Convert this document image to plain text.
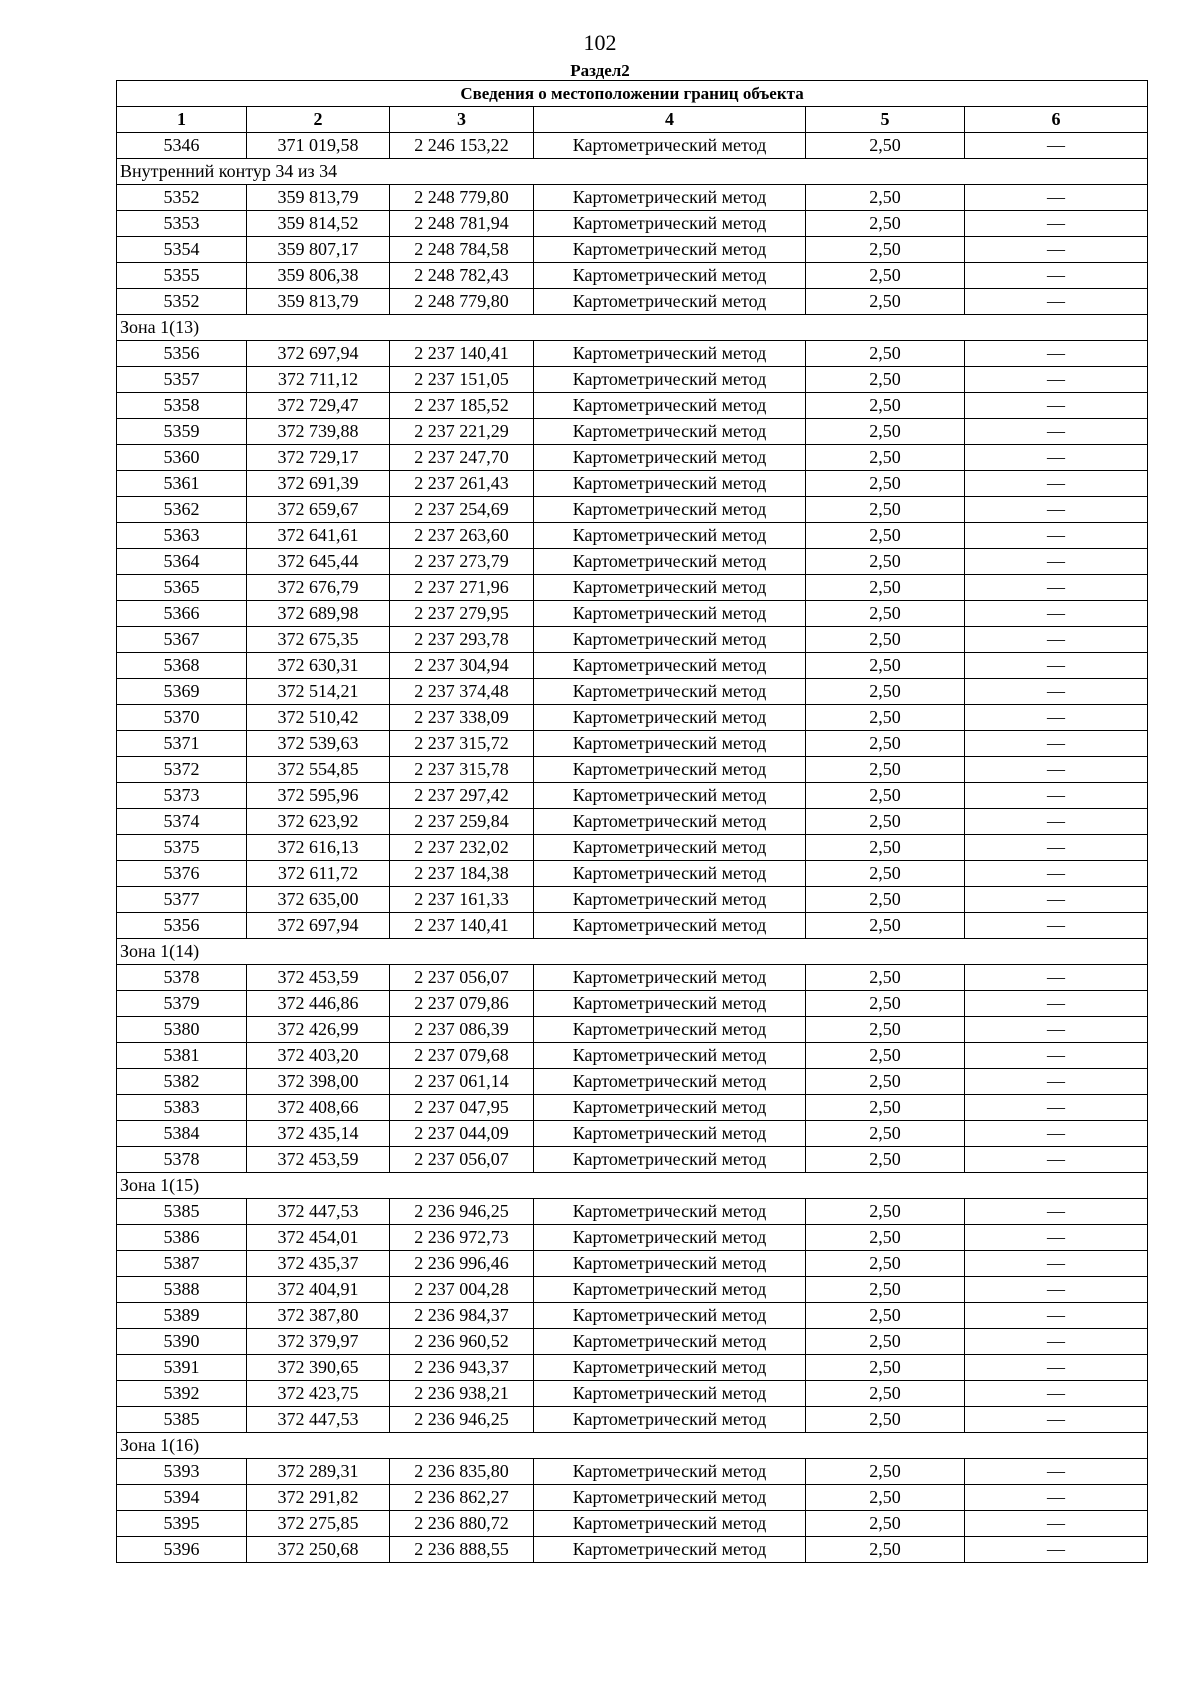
102
Раздел2
Сведения о местоположении границ объекта					
1	2	3	4	5	6
5346	371 019,58	2 246 153,22	Картометрический метод	2,50	—
Внутренний контур 34 из 34					
5352	359 813,79	2 248 779,80	Картометрический метод	2,50	—
5353	359 814,52	2 248 781,94	Картометрический метод	2,50	—
5354	359 807,17	2 248 784,58	Картометрический метод	2,50	—
5355	359 806,38	2 248 782,43	Картометрический метод	2,50	—
5352	359 813,79	2 248 779,80	Картометрический метод	2,50	—
Зона 1(13)					
5356	372 697,94	2 237 140,41	Картометрический метод	2,50	—
5357	372 711,12	2 237 151,05	Картометрический метод	2,50	—
5358	372 729,47	2 237 185,52	Картометрический метод	2,50	—
5359	372 739,88	2 237 221,29	Картометрический метод	2,50	—
5360	372 729,17	2 237 247,70	Картометрический метод	2,50	—
5361	372 691,39	2 237 261,43	Картометрический метод	2,50	—
5362	372 659,67	2 237 254,69	Картометрический метод	2,50	—
5363	372 641,61	2 237 263,60	Картометрический метод	2,50	—
5364	372 645,44	2 237 273,79	Картометрический метод	2,50	—
5365	372 676,79	2 237 271,96	Картометрический метод	2,50	—
5366	372 689,98	2 237 279,95	Картометрический метод	2,50	—
5367	372 675,35	2 237 293,78	Картометрический метод	2,50	—
5368	372 630,31	2 237 304,94	Картометрический метод	2,50	—
5369	372 514,21	2 237 374,48	Картометрический метод	2,50	—
5370	372 510,42	2 237 338,09	Картометрический метод	2,50	—
5371	372 539,63	2 237 315,72	Картометрический метод	2,50	—
5372	372 554,85	2 237 315,78	Картометрический метод	2,50	—
5373	372 595,96	2 237 297,42	Картометрический метод	2,50	—
5374	372 623,92	2 237 259,84	Картометрический метод	2,50	—
5375	372 616,13	2 237 232,02	Картометрический метод	2,50	—
5376	372 611,72	2 237 184,38	Картометрический метод	2,50	—
5377	372 635,00	2 237 161,33	Картометрический метод	2,50	—
5356	372 697,94	2 237 140,41	Картометрический метод	2,50	—
Зона 1(14)					
5378	372 453,59	2 237 056,07	Картометрический метод	2,50	—
5379	372 446,86	2 237 079,86	Картометрический метод	2,50	—
5380	372 426,99	2 237 086,39	Картометрический метод	2,50	—
5381	372 403,20	2 237 079,68	Картометрический метод	2,50	—
5382	372 398,00	2 237 061,14	Картометрический метод	2,50	—
5383	372 408,66	2 237 047,95	Картометрический метод	2,50	—
5384	372 435,14	2 237 044,09	Картометрический метод	2,50	—
5378	372 453,59	2 237 056,07	Картометрический метод	2,50	—
Зона 1(15)					
5385	372 447,53	2 236 946,25	Картометрический метод	2,50	—
5386	372 454,01	2 236 972,73	Картометрический метод	2,50	—
5387	372 435,37	2 236 996,46	Картометрический метод	2,50	—
5388	372 404,91	2 237 004,28	Картометрический метод	2,50	—
5389	372 387,80	2 236 984,37	Картометрический метод	2,50	—
5390	372 379,97	2 236 960,52	Картометрический метод	2,50	—
5391	372 390,65	2 236 943,37	Картометрический метод	2,50	—
5392	372 423,75	2 236 938,21	Картометрический метод	2,50	—
5385	372 447,53	2 236 946,25	Картометрический метод	2,50	—
Зона 1(16)					
5393	372 289,31	2 236 835,80	Картометрический метод	2,50	—
5394	372 291,82	2 236 862,27	Картометрический метод	2,50	—
5395	372 275,85	2 236 880,72	Картометрический метод	2,50	—
5396	372 250,68	2 236 888,55	Картометрический метод	2,50	—
